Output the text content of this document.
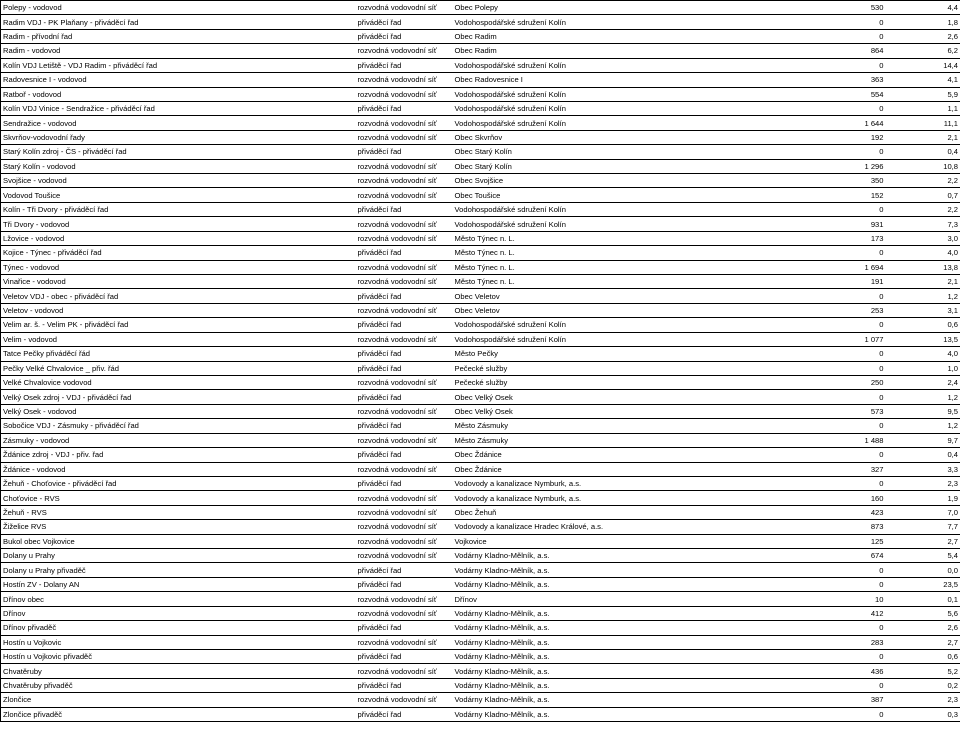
Polepy - vodovod	rozvodná vodovodní síť	Obec Polepy	530	4,4
Radim VDJ - PK Plaňany - přiváděcí řad	přiváděcí řad	Vodohospodářské sdružení Kolín	0	1,8
Radim - přívodní řad	přiváděcí řad	Obec Radim	0	2,6
Radim - vodovod	rozvodná vodovodní síť	Obec Radim	864	6,2
Kolín VDJ Letiště - VDJ Radim - přiváděcí řad	přiváděcí řad	Vodohospodářské sdružení Kolín	0	14,4
Radovesnice I - vodovod	rozvodná vodovodní síť	Obec Radovesnice I	363	4,1
Ratboř - vodovod	rozvodná vodovodní síť	Vodohospodářské sdružení Kolín	554	5,9
Kolín VDJ Vinice - Sendražice - přiváděcí řad	přiváděcí řad	Vodohospodářské sdružení Kolín	0	1,1
Sendražice - vodovod	rozvodná vodovodní síť	Vodohospodářské sdružení Kolín	1 644	11,1
Skvrňov-vodovodní řady	rozvodná vodovodní síť	Obec Skvrňov	192	2,1
Starý Kolín zdroj - ČS - přiváděcí řad	přiváděcí řad	Obec Starý Kolín	0	0,4
Starý Kolín - vodovod	rozvodná vodovodní síť	Obec Starý Kolín	1 296	10,8
Svojšice - vodovod	rozvodná vodovodní síť	Obec Svojšice	350	2,2
Vodovod Toušice	rozvodná vodovodní síť	Obec Toušice	152	0,7
Kolín - Tři Dvory - přiváděcí řad	přiváděcí řad	Vodohospodářské sdružení Kolín	0	2,2
Tři Dvory - vodovod	rozvodná vodovodní síť	Vodohospodářské sdružení Kolín	931	7,3
Lžovice - vodovod	rozvodná vodovodní síť	Město Týnec n. L.	173	3,0
Kojice - Týnec - přiváděcí řad	přiváděcí řad	Město Týnec n. L.	0	4,0
Týnec - vodovod	rozvodná vodovodní síť	Město Týnec n. L.	1 694	13,8
Vinařice - vodovod	rozvodná vodovodní síť	Město Týnec n. L.	191	2,1
Veletov VDJ - obec - přiváděcí řad	přiváděcí řad	Obec Veletov	0	1,2
Veletov - vodovod	rozvodná vodovodní síť	Obec Veletov	253	3,1
Velim ar. š. - Velim PK - přiváděcí řad	přiváděcí řad	Vodohospodářské sdružení Kolín	0	0,6
Velim - vodovod	rozvodná vodovodní síť	Vodohospodářské sdružení Kolín	1 077	13,5
Tatce Pečky přiváděcí řád	přiváděcí řad	Město Pečky	0	4,0
Pečky Velké Chvalovice _ přiv. řád	přiváděcí řad	Pečecké služby	0	1,0
Velké Chvalovice vodovod	rozvodná vodovodní síť	Pečecké služby	250	2,4
Velký Osek zdroj - VDJ - přiváděcí řad	přiváděcí řad	Obec Velký Osek	0	1,2
Velký Osek - vodovod	rozvodná vodovodní síť	Obec Velký Osek	573	9,5
Sobočice VDJ - Zásmuky - přiváděcí řad	přiváděcí řad	Město Zásmuky	0	1,2
Zásmuky - vodovod	rozvodná vodovodní síť	Město Zásmuky	1 488	9,7
Ždánice zdroj - VDJ - přiv. řad	přiváděcí řad	Obec Ždánice	0	0,4
Ždánice - vodovod	rozvodná vodovodní síť	Obec Ždánice	327	3,3
Žehuň - Choťovice - přiváděcí řad	přiváděcí řad	Vodovody a kanalizace Nymburk, a.s.	0	2,3
Choťovice - RVS	rozvodná vodovodní síť	Vodovody a kanalizace Nymburk, a.s.	160	1,9
Žehuň - RVS	rozvodná vodovodní síť	Obec Žehuň	423	7,0
Žiželice RVS	rozvodná vodovodní síť	Vodovody a kanalizace Hradec Králové, a.s.	873	7,7
Bukol obec Vojkovice	rozvodná vodovodní síť	Vojkovice	125	2,7
Dolany u Prahy	rozvodná vodovodní síť	Vodárny Kladno-Mělník, a.s.	674	5,4
Dolany u Prahy přivaděč	přiváděcí řad	Vodárny Kladno-Mělník, a.s.	0	0,0
Hostín ZV - Dolany AN	přiváděcí řad	Vodárny Kladno-Mělník, a.s.	0	23,5
Dřínov obec	rozvodná vodovodní síť	Dřínov	10	0,1
Dřínov	rozvodná vodovodní síť	Vodárny Kladno-Mělník, a.s.	412	5,6
Dřínov přivaděč	přiváděcí řad	Vodárny Kladno-Mělník, a.s.	0	2,6
Hostín u Vojkovic	rozvodná vodovodní síť	Vodárny Kladno-Mělník, a.s.	283	2,7
Hostín u Vojkovic přivaděč	přiváděcí řad	Vodárny Kladno-Mělník, a.s.	0	0,6
Chvatěruby	rozvodná vodovodní síť	Vodárny Kladno-Mělník, a.s.	436	5,2
Chvatěruby přivaděč	přiváděcí řad	Vodárny Kladno-Mělník, a.s.	0	0,2
Zlončice	rozvodná vodovodní síť	Vodárny Kladno-Mělník, a.s.	387	2,3
Zlončice přivaděč	přiváděcí řad	Vodárny Kladno-Mělník, a.s.	0	0,3
